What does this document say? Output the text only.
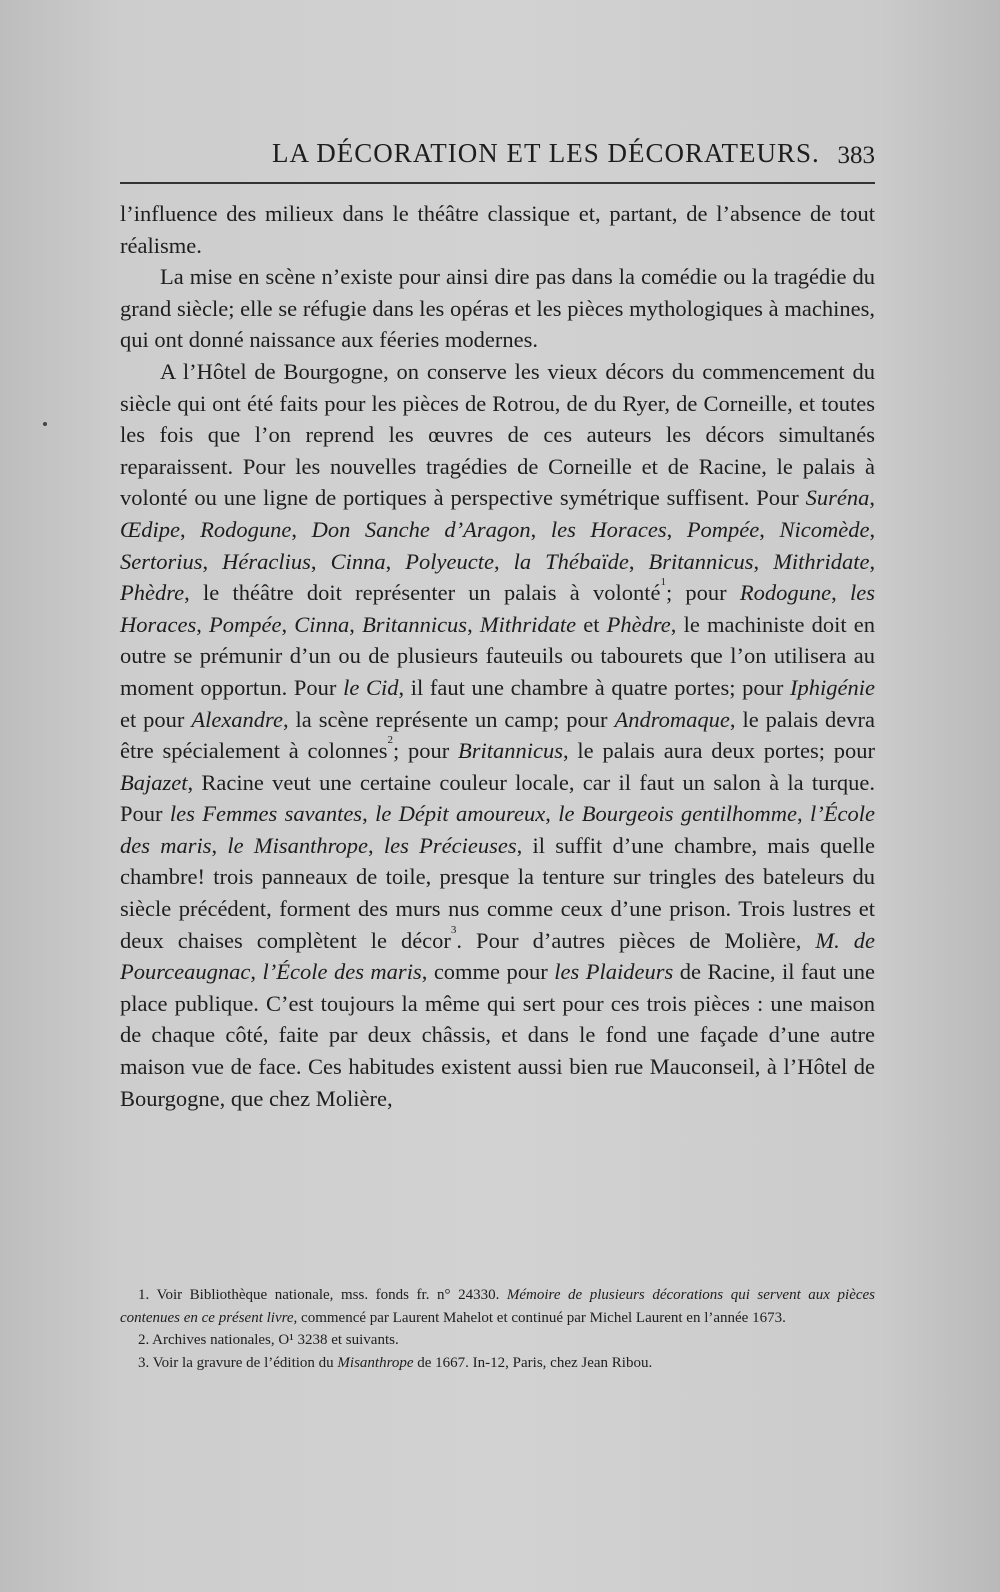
LA DÉCORATION ET LES DÉCORATEURS. 383

l’influence des milieux dans le théâtre classique et, partant, de l’absence de tout réalisme.

La mise en scène n’existe pour ainsi dire pas dans la comédie ou la tragédie du grand siècle; elle se réfugie dans les opéras et les pièces mythologiques à machines, qui ont donné naissance aux féeries modernes.

A l’Hôtel de Bourgogne, on conserve les vieux décors du commencement du siècle qui ont été faits pour les pièces de Rotrou, de du Ryer, de Corneille, et toutes les fois que l’on reprend les œuvres de ces auteurs les décors simultanés reparaissent. Pour les nouvelles tragédies de Corneille et de Racine, le palais à volonté ou une ligne de portiques à perspective symétrique suffisent. Pour Suréna, Œdipe, Rodogune, Don Sanche d’Aragon, les Horaces, Pompée, Nicomède, Sertorius, Héraclius, Cinna, Polyeucte, la Thébaïde, Britannicus, Mithridate, Phèdre, le théâtre doit représenter un palais à volonté$^1$; pour Rodogune, les Horaces, Pompée, Cinna, Britannicus, Mithridate et Phèdre, le machiniste doit en outre se prémunir d’un ou de plusieurs fauteuils ou tabourets que l’on utilisera au moment opportun. Pour le Cid, il faut une chambre à quatre portes; pour Iphigénie et pour Alexandre, la scène représente un camp; pour Andromaque, le palais devra être spécialement à colonnes$^2$; pour Britannicus, le palais aura deux portes; pour Bajazet, Racine veut une certaine couleur locale, car il faut un salon à la turque. Pour les Femmes savantes, le Dépit amoureux, le Bourgeois gentilhomme, l’École des maris, le Misanthrope, les Précieuses, il suffit d’une chambre, mais quelle chambre! trois panneaux de toile, presque la tenture sur tringles des bateleurs du siècle précédent, forment des murs nus comme ceux d’une prison. Trois lustres et deux chaises complètent le décor$^3$. Pour d’autres pièces de Molière, M. de Pourceaugnac, l’École des maris, comme pour les Plaideurs de Racine, il faut une place publique. C’est toujours la même qui sert pour ces trois pièces : une maison de chaque côté, faite par deux châssis, et dans le fond une façade d’une autre maison vue de face. Ces habitudes existent aussi bien rue Mauconseil, à l’Hôtel de Bourgogne, que chez Molière,

1. Voir Bibliothèque nationale, mss. fonds fr. n° 24330. Mémoire de plusieurs décorations qui servent aux pièces contenues en ce présent livre, commencé par Laurent Mahelot et continué par Michel Laurent en l’année 1673.

2. Archives nationales, O¹ 3238 et suivants.

3. Voir la gravure de l’édition du Misanthrope de 1667. In-12, Paris, chez Jean Ribou.
